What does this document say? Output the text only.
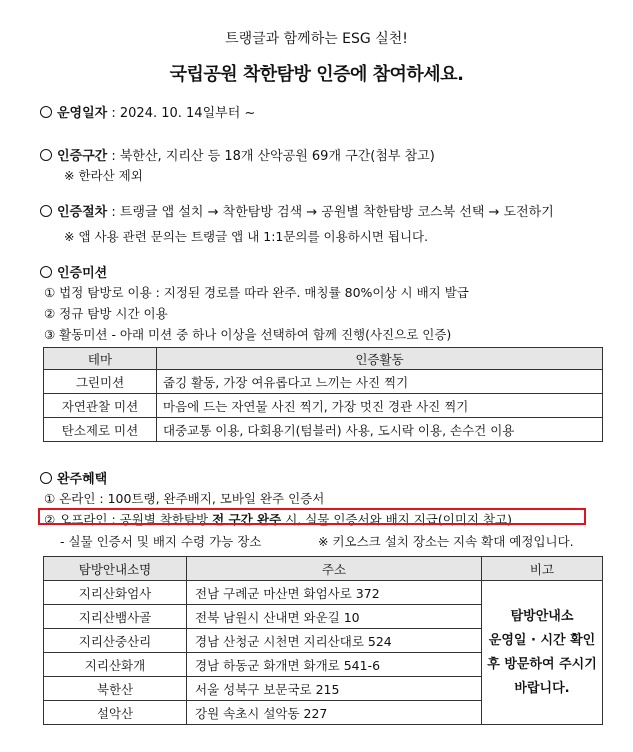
트랭글과 함께하는 ESG 실천!
국립공원 착한탐방 인증에 참여하세요.
운영일자 : 2024. 10. 14일부터 ~
인증구간 : 북한산, 지리산 등 18개 산악공원 69개 구간(첨부 참고)
※ 한라산 제외
인증절차 : 트랭글 앱 설치 → 착한탐방 검색 → 공원별 착한탐방 코스북 선택 → 도전하기
※ 앱 사용 관련 문의는 트랭글 앱 내 1:1문의를 이용하시면 됩니다.
인증미션
① 법정 탐방로 이용 : 지정된 경로를 따라 완주. 매칭률 80%이상 시 배지 발급
② 정규 탐방 시간 이용
③ 활동미션 - 아래 미션 중 하나 이상을 선택하여 함께 진행(사진으로 인증)
테마	인증활동
그린미션	줍깅 활동, 가장 여유롭다고 느끼는 사진 찍기
자연관찰 미션	마음에 드는 자연물 사진 찍기, 가장 멋진 경관 사진 찍기
탄소제로 미션	대중교통 이용, 다회용기(텀블러) 사용, 도시락 이용, 손수건 이용
완주혜택
① 온라인 : 100트랭, 완주배지, 모바일 완주 인증서
② 오프라인 : 공원별 착한탐방 전 구간 완주 시, 실물 인증서와 배지 지급(이미지 참고)
- 실물 인증서 및 배지 수령 가능 장소	※ 키오스크 설치 장소는 지속 확대 예정입니다.
탐방안내소명	주소	비고
지리산화엄사	전남 구례군 마산면 화엄사로 372	탐방안내소
운영일 · 시간 확인
후 방문하여 주시기
바랍니다.

지리산뱀사골	전북 남원시 산내면 와운길 10	
지리산중산리	경남 산청군 시천면 지리산대로 524	
지리산화개	경남 하동군 화개면 화개로 541-6	
북한산	서울 성북구 보문국로 215	
설악산	강원 속초시 설악동 227	
